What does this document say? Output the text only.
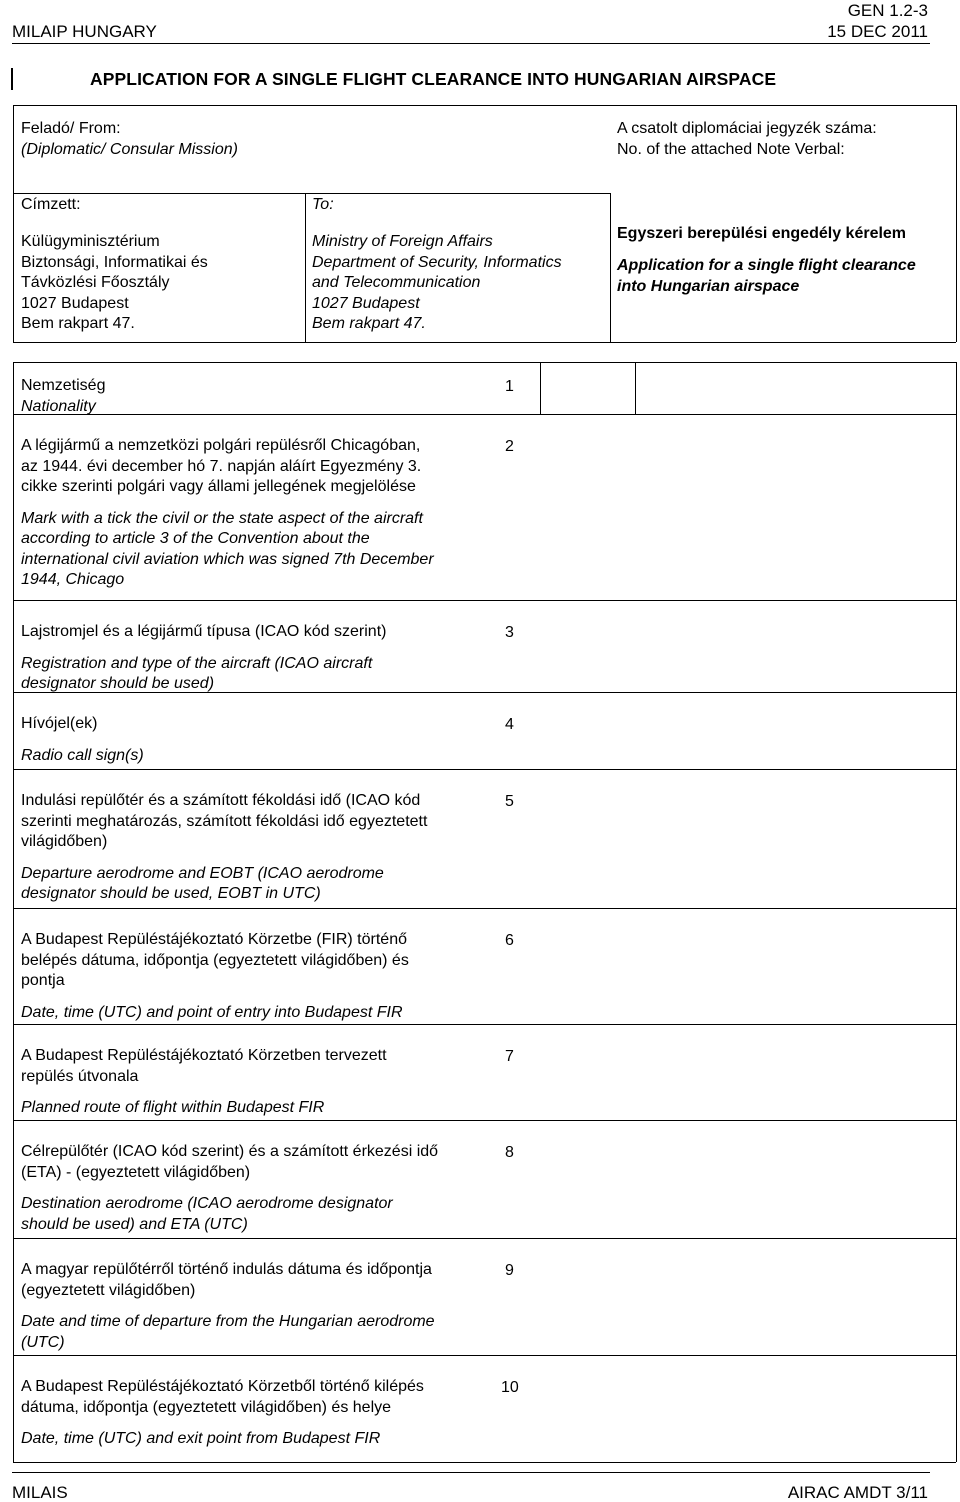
GEN 1.2-3
MILAIP HUNGARY	15 DEC 2011
APPLICATION FOR A SINGLE FLIGHT CLEARANCE INTO HUNGARIAN AIRSPACE
Feladó/ From:
(Diplomatic/ Consular Mission)
A csatolt diplomáciai jegyzék száma:
No. of the attached Note Verbal:
Címzett:
Külügyminisztérium
Biztonsági, Informatikai és
Távközlési Főosztály
1027 Budapest
Bem rakpart 47.
To:
Ministry of Foreign Affairs
Department of Security, Informatics
and Telecommunication
1027 Budapest
Bem rakpart 47.
Egyszeri berepülési engedély kérelem
Application for a single flight clearance
into Hungarian airspace
Nemzetiség
Nationality
1
A légijármű a nemzetközi polgári repülésről Chicagóban,
az 1944. évi december hó 7. napján aláírt Egyezmény 3.
cikke szerinti polgári vagy állami jellegének megjelölése
Mark with a tick the civil or the state aspect of the aircraft
according to article 3 of the Convention about the
international civil aviation which was signed 7th December
1944, Chicago
2
Lajstromjel és a légijármű típusa (ICAO kód szerint)
Registration and type of the aircraft (ICAO aircraft
designator should be used)
3
Hívójel(ek)
Radio call sign(s)
4
Indulási repülőtér és a számított fékoldási idő (ICAO kód
szerinti meghatározás, számított fékoldási idő egyeztetett
világidőben)
Departure aerodrome and EOBT (ICAO aerodrome
designator should be used, EOBT in UTC)
5
A Budapest Repüléstájékoztató Körzetbe (FIR) történő
belépés dátuma, időpontja (egyeztetett világidőben) és
pontja
Date, time (UTC) and point of entry into Budapest FIR
6
A Budapest Repüléstájékoztató Körzetben tervezett
repülés útvonala
Planned route of flight within Budapest FIR
7
Célrepülőtér (ICAO kód szerint) és a számított érkezési idő
(ETA) - (egyeztetett világidőben)
Destination aerodrome (ICAO aerodrome designator
should be used) and ETA (UTC)
8
A magyar repülőtérről történő indulás dátuma és időpontja
(egyeztetett világidőben)
Date and time of departure from the Hungarian aerodrome
(UTC)
9
A Budapest Repüléstájékoztató Körzetből történő kilépés
dátuma, időpontja (egyeztetett világidőben) és helye
Date, time (UTC) and exit point from Budapest FIR
10
MILAIS	AIRAC AMDT 3/11
